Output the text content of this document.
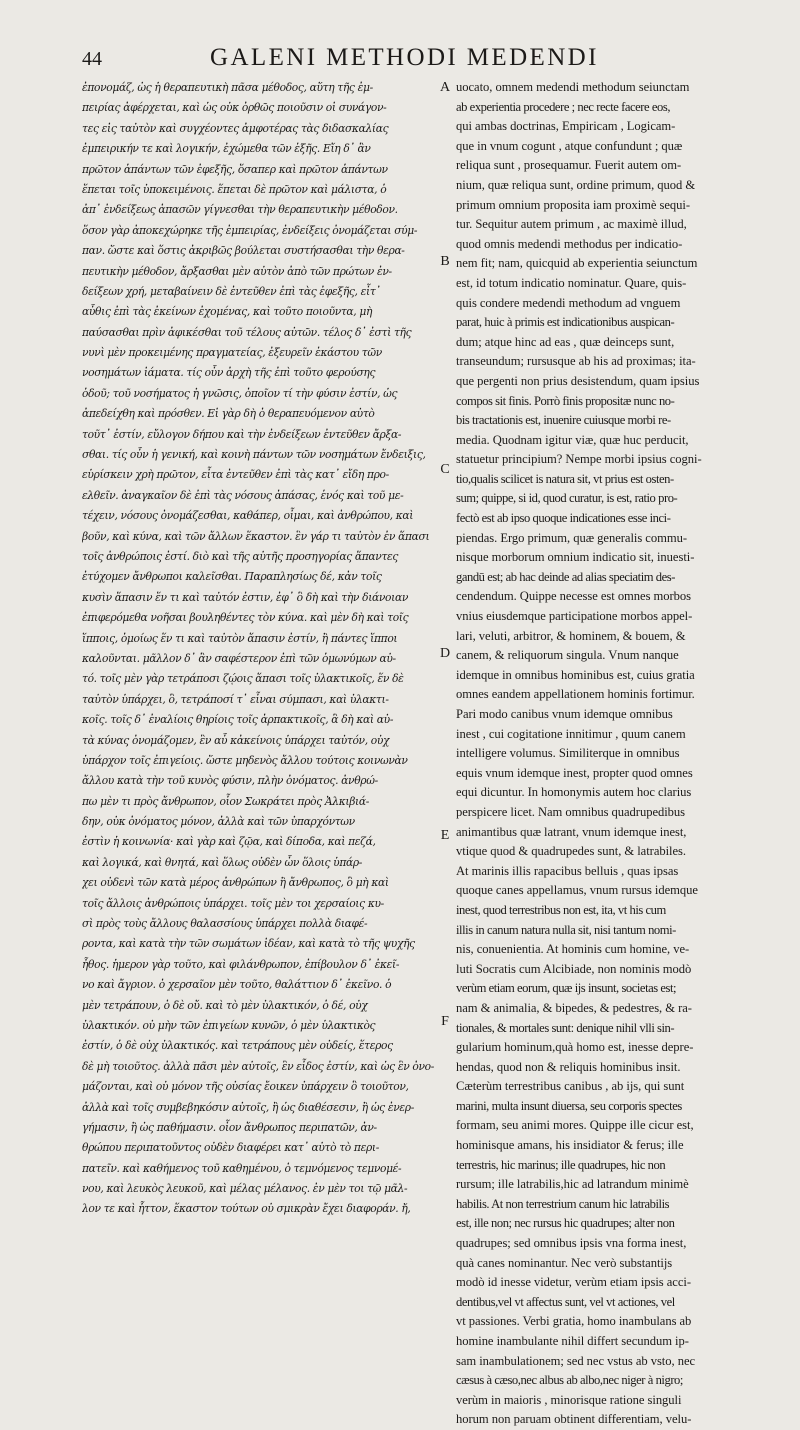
44	GALENI METHODI MEDENDI
ἐπονομάζ, ὡς ἡ θεραπευτικὴ πᾶσα μέθοδος, αὕτη τῆς ἐμ-
πειρίας ἀφέρχεται, καὶ ὡς οὐκ ὀρθῶς ποιοῦσιν οἱ συνάγον-
τες εἰς ταὐτὸν καὶ συγχέοντες ἀμφοτέρας τὰς διδασκαλίας
ἐμπειρικήν τε καὶ λογικήν, ἐχώμεθα τῶν ἑξῆς. Εἴη δ᾽ ἂν
πρῶτον ἁπάντων τῶν ἐφεξῆς, ὅσαπερ καὶ πρῶτον ἁπάντων
ἕπεται τοῖς ὑποκειμένοις. ἕπεται δὲ πρῶτον καὶ μάλιστα, ὁ
ἀπ᾽ ἐνδείξεως ἁπασῶν γίγνεσθαι τὴν θεραπευτικὴν μέθοδον.
ὅσον γὰρ ἀποκεχώρηκε τῆς ἐμπειρίας, ἐνδείξεις ὀνομάζεται σύμ-
παν. ὥστε καὶ ὅστις ἀκριβῶς βούλεται συστήσασθαι τὴν θερα-
πευτικὴν μέθοδον, ἄρξασθαι μὲν αὐτὸν ἀπὸ τῶν πρώτων ἐν-
δείξεων χρή, μεταβαίνειν δὲ ἐντεῦθεν ἐπὶ τὰς ἐφεξῆς, εἶτ᾽
αὖθις ἐπὶ τὰς ἐκείνων ἐχομένας, καὶ τοῦτο ποιοῦντα, μὴ
παύσασθαι πρὶν ἀφικέσθαι τοῦ τέλους αὐτῶν. τέλος δ᾽ ἐστὶ τῆς
νυνὶ μὲν προκειμένης πραγματείας, ἐξευρεῖν ἑκάστου τῶν
νοσημάτων ἰάματα. τίς οὖν ἀρχὴ τῆς ἐπὶ τοῦτο φερούσης
ὁδοῦ; τοῦ νοσήματος ἡ γνῶσις, ὁποῖον τί τὴν φύσιν ἐστίν, ὡς
ἀπεδείχθη καὶ πρόσθεν. Εἰ γὰρ δὴ ὁ θεραπευόμενον αὐτὸ
τοῦτ᾽ ἐστίν, εὔλογον δήπου καὶ τὴν ἐνδείξεων ἐντεῦθεν ἄρξα-
σθαι. τίς οὖν ἡ γενική, καὶ κοινὴ πάντων τῶν νοσημάτων ἔνδειξις,
εὑρίσκειν χρὴ πρῶτον, εἶτα ἐντεῦθεν ἐπὶ τὰς κατ᾽ εἴδη προ-
ελθεῖν. ἀναγκαῖον δὲ ἐπὶ τὰς νόσους ἁπάσας, ἑνός καὶ τοῦ με-
τέχειν, νόσους ὀνομάζεσθαι, καθάπερ, οἶμαι, καὶ ἀνθρώπου, καὶ
βοῦν, καὶ κύνα, καὶ τῶν ἄλλων ἕκαστον. ἓν γάρ τι ταὐτὸν ἐν ἅπασι
τοῖς ἀνθρώποις ἐστί. διὸ καὶ τῆς αὐτῆς προσηγορίας ἅπαντες
ἐτύχομεν ἄνθρωποι καλεῖσθαι. Παραπλησίως δέ, κἀν τοῖς
κυσὶν ἅπασιν ἕν τι καὶ ταὐτόν ἐστιν, ἐφ᾽ ὃ δὴ καὶ τὴν διάνοιαν
ἐπιφερόμεθα νοῆσαι βουληθέντες τὸν κύνα. καὶ μὲν δὴ καὶ τοῖς
ἵπποις, ὁμοίως ἕν τι καὶ ταὐτὸν ἅπασιν ἐστίν, ἢ πάντες ἵπποι
καλοῦνται. μᾶλλον δ᾽ ἂν σαφέστερον ἐπὶ τῶν ὁμωνύμων αὐ-
τό. τοῖς μὲν γὰρ τετράποσι ζῴοις ἅπασι τοῖς ὑλακτικοῖς, ἕν δὲ
ταὐτὸν ὑπάρχει, ὃ, τετράποσί τ᾽ εἶναι σύμπασι, καὶ ὑλακτι-
κοῖς. τοῖς δ᾽ ἐναλίοις θηρίοις τοῖς ἁρπακτικοῖς, ἃ δὴ καὶ αὐ-
τὰ κύνας ὀνομάζομεν, ἓν αὖ κἀκείνοις ὑπάρχει ταὐτόν, οὐχ
ὑπάρχον τοῖς ἐπιγείοις. ὥστε μηδενὸς ἄλλου τούτοις κοινωνὰν
ἄλλου κατὰ τὴν τοῦ κυνὸς φύσιν, πλὴν ὀνόματος. ἀνθρώ-
πω μὲν τι πρὸς ἄνθρωπον, οἷον Σωκράτει πρὸς Ἀλκιβιά-
δην, οὐκ ὀνόματος μόνον, ἀλλὰ καὶ τῶν ὑπαρχόντων
ἐστὶν ἡ κοινωνία· καὶ γὰρ καὶ ζῷα, καὶ δίποδα, καὶ πεζά,
καὶ λογικά, καὶ θνητά, καὶ ὅλως οὐδὲν ὧν ὅλοις ὑπάρ-
χει οὐδενὶ τῶν κατὰ μέρος ἀνθρώπων ἢ ἄνθρωπος, ὃ μὴ καὶ
τοῖς ἄλλοις ἀνθρώποις ὑπάρχει. τοῖς μὲν τοι χερσαίοις κυ-
σὶ πρὸς τοὺς ἄλλους θαλασσίους ὑπάρχει πολλὰ διαφέ-
ροντα, καὶ κατὰ τὴν τῶν σωμάτων ἰδέαν, καὶ κατὰ τὸ τῆς ψυχῆς
ἦθος. ἡμερον γὰρ τοῦτο, καὶ φιλάνθρωπον, ἐπίβουλον δ᾽ ἐκεῖ-
νο καὶ ἄγριον. ὁ χερσαῖον μὲν τοῦτο, θαλάττιον δ᾽ ἐκεῖνο. ὁ
μὲν τετράπουν, ὁ δὲ οὔ. καὶ τὸ μὲν ὑλακτικόν, ὁ δέ, οὐχ
ὑλακτικόν. οὐ μὴν τῶν ἐπιγείων κυνῶν, ὁ μὲν ὑλακτικὸς
ἐστίν, ὁ δὲ οὐχ ὑλακτικός. καὶ τετράπους μὲν οὐδείς, ἕτερος
δὲ μὴ τοιοῦτος. ἀλλὰ πᾶσι μὲν αὐτοῖς, ἓν εἶδος ἐστίν, καὶ ὡς ἓν ὀνο-
μάζονται, καὶ οὐ μόνον τῆς οὐσίας ἔοικεν ὑπάρχειν ὃ τοιοῦτον,
ἀλλὰ καὶ τοῖς συμβεβηκόσιν αὐτοῖς, ἢ ὡς διαθέσεσιν, ἢ ὡς ἐνερ-
γήμασιν, ἢ ὡς παθήμασιν. οἷον ἄνθρωπος περιπατῶν, ἀν-
θρώπου περιπατοῦντος οὐδὲν διαφέρει κατ᾽ αὐτὸ τὸ περι-
πατεῖν. καὶ καθήμενος τοῦ καθημένου, ὁ τεμνόμενος τεμνομέ-
νου, καὶ λευκὸς λευκοῦ, καὶ μέλας μέλανος. ἐν μὲν τοι τῷ μᾶλ-
λον τε καὶ ἧττον, ἕκαστον τούτων οὐ σμικρὰν ἔχει διαφοράν. ἤ,
A
B
C
D
E
F
uocato, omnem medendi methodum seiunctam
ab experientia procedere ; nec recte facere eos,
qui ambas doctrinas, Empiricam , Logicam-
que in vnum cogunt , atque confundunt ; quæ
reliqua sunt , prosequamur. Fuerit autem om-
nium, quæ reliqua sunt, ordine primum, quod &
primum omnium proposita iam proximè sequi-
tur. Sequitur autem primum , ac maximè illud,
quod omnis medendi methodus per indicatio-
nem fit; nam, quicquid ab experientia seiunctum
est, id totum indicatio nominatur. Quare, quis-
quis condere medendi methodum ad vnguem
parat, huic à primis est indicationibus auspican-
dum; atque hinc ad eas , quæ deinceps sunt,
transeundum; rursusque ab his ad proximas; ita-
que pergenti non prius desistendum, quam ipsius
compos sit finis. Porrò finis propositæ nunc no-
bis tractationis est, inuenire cuiusque morbi re-
media. Quodnam igitur viæ, quæ huc perducit,
statuetur principium? Nempe morbi ipsius cogni-
tio,qualis scilicet is natura sit, vt prius est osten-
sum; quippe, si id, quod curatur, is est, ratio pro-
fectò est ab ipso quoque indicationes esse inci-
piendas. Ergo primum, quæ generalis commu-
nisque morborum omnium indicatio sit, inuesti-
gandū est; ab hac deinde ad alias speciatim des-
cendendum. Quippe necesse est omnes morbos
vnius eiusdemque participatione morbos appel-
lari, veluti, arbitror, & hominem, & bouem, &
canem, & reliquorum singula. Vnum nanque
idemque in omnibus hominibus est, cuius gratia
omnes eandem appellationem hominis fortimur.
Pari modo canibus vnum idemque omnibus
inest , cui cogitatione innitimur , quum canem
intelligere volumus. Similiterque in omnibus
equis vnum idemque inest, propter quod omnes
equi dicuntur. In homonymis autem hoc clarius
perspicere licet. Nam omnibus quadrupedibus
animantibus quæ latrant, vnum idemque inest,
vtique quod & quadrupedes sunt, & latrabiles.
At marinis illis rapacibus belluis , quas ipsas
quoque canes appellamus, vnum rursus idemque
inest, quod terrestribus non est, ita, vt his cum
illis in canum natura nulla sit, nisi tantum nomi-
nis, conuenientia. At hominis cum homine, ve-
luti Socratis cum Alcibiade, non nominis modò
verùm etiam eorum, quæ ijs insunt, societas est;
nam & animalia, & bipedes, & pedestres, & ra-
tionales, & mortales sunt: denique nihil vlli sin-
gularium hominum,quà homo est, inesse depre-
hendas, quod non & reliquis hominibus insit.
Cæterùm terrestribus canibus , ab ijs, qui sunt
marini, multa insunt diuersa, seu corporis spectes
formam, seu animi mores. Quippe ille cicur est,
hominisque amans, his insidiator & ferus; ille
terrestris, hic marinus; ille quadrupes, hic non
rursum; ille latrabilis,hic ad latrandum minimè
habilis. At non terrestrium canum hic latrabilis
est, ille non; nec rursus hic quadrupes; alter non
quadrupes; sed omnibus ipsis vna forma inest,
quà canes nominantur. Nec verò substantijs
modò id inesse videtur, verùm etiam ipsis acci-
dentibus,vel vt affectus sunt, vel vt actiones, vel
vt passiones. Verbi gratia, homo inambulans ab
homine inambulante nihil differt secundum ip-
sam inambulationem; sed nec vstus ab vsto, nec
cæsus à cæso,nec albus ab albo,nec niger à nigro;
verùm in maioris , minorisque ratione singuli
horum non paruam obtinent differentiam, velu-
